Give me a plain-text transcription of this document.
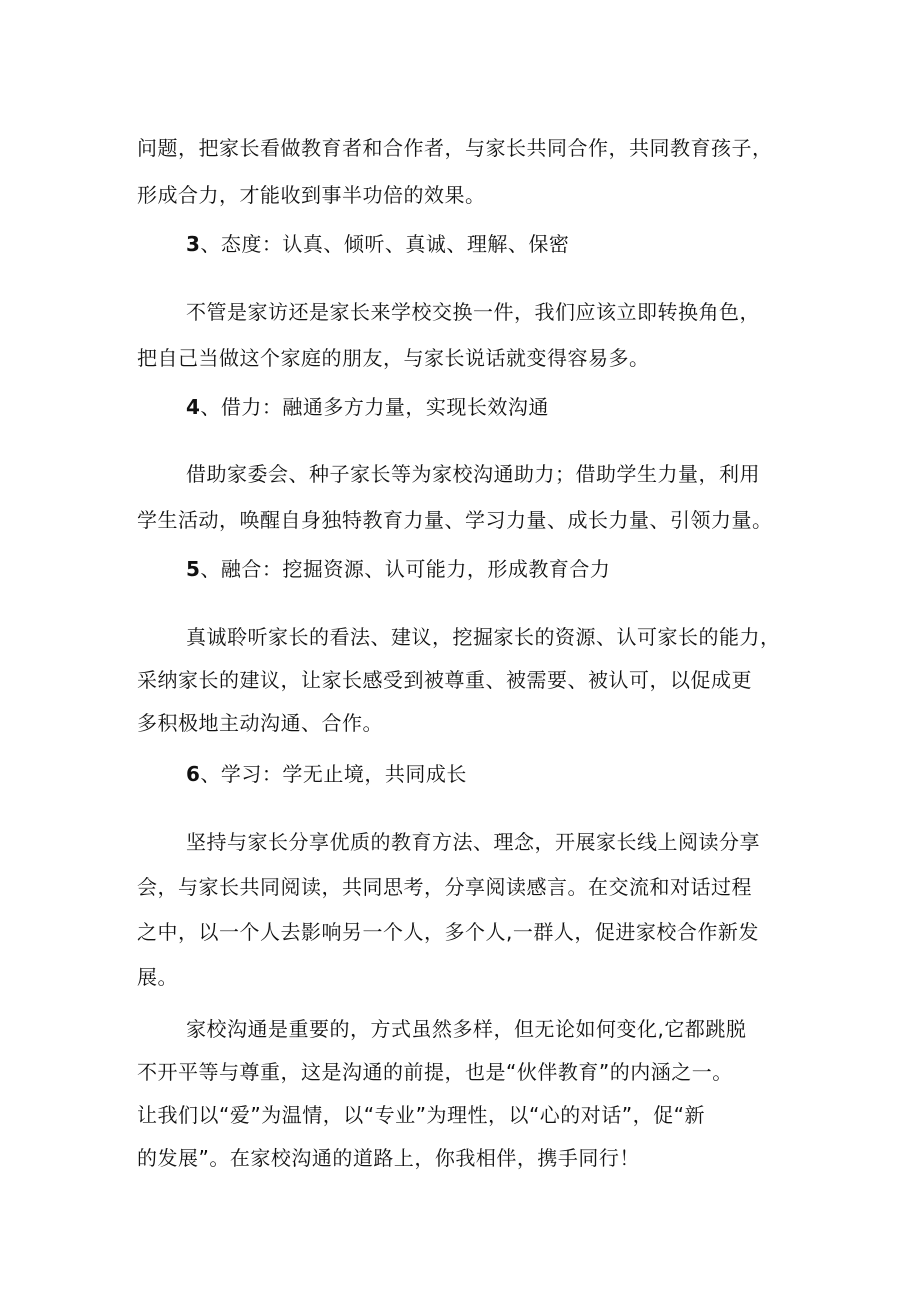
问题，把家长看做教育者和合作者，与家长共同合作，共同教育孩子，

形成合力，才能收到事半功倍的效果。

3、态度：认真、倾听、真诚、理解、保密

不管是家访还是家长来学校交换一件，我们应该立即转换角色，

把自己当做这个家庭的朋友，与家长说话就变得容易多。

4、借力：融通多方力量，实现长效沟通

借助家委会、种子家长等为家校沟通助力；借助学生力量，利用

学生活动，唤醒自身独特教育力量、学习力量、成长力量、引领力量。

5、融合：挖掘资源、认可能力，形成教育合力

真诚聆听家长的看法、建议，挖掘家长的资源、认可家长的能力，

采纳家长的建议，让家长感受到被尊重、被需要、被认可，以促成更

多积极地主动沟通、合作。

6、学习：学无止境，共同成长

坚持与家长分享优质的教育方法、理念，开展家长线上阅读分享

会，与家长共同阅读，共同思考，分享阅读感言。在交流和对话过程

之中，以一个人去影响另一个人，多个人,一群人，促进家校合作新发

展。

家校沟通是重要的，方式虽然多样，但无论如何变化,它都跳脱

不开平等与尊重，这是沟通的前提，也是“伙伴教育”的内涵之一。

让我们以“爱”为温情，以“专业”为理性，以“心的对话”，促“新

的发展”。在家校沟通的道路上，你我相伴，携手同行！
